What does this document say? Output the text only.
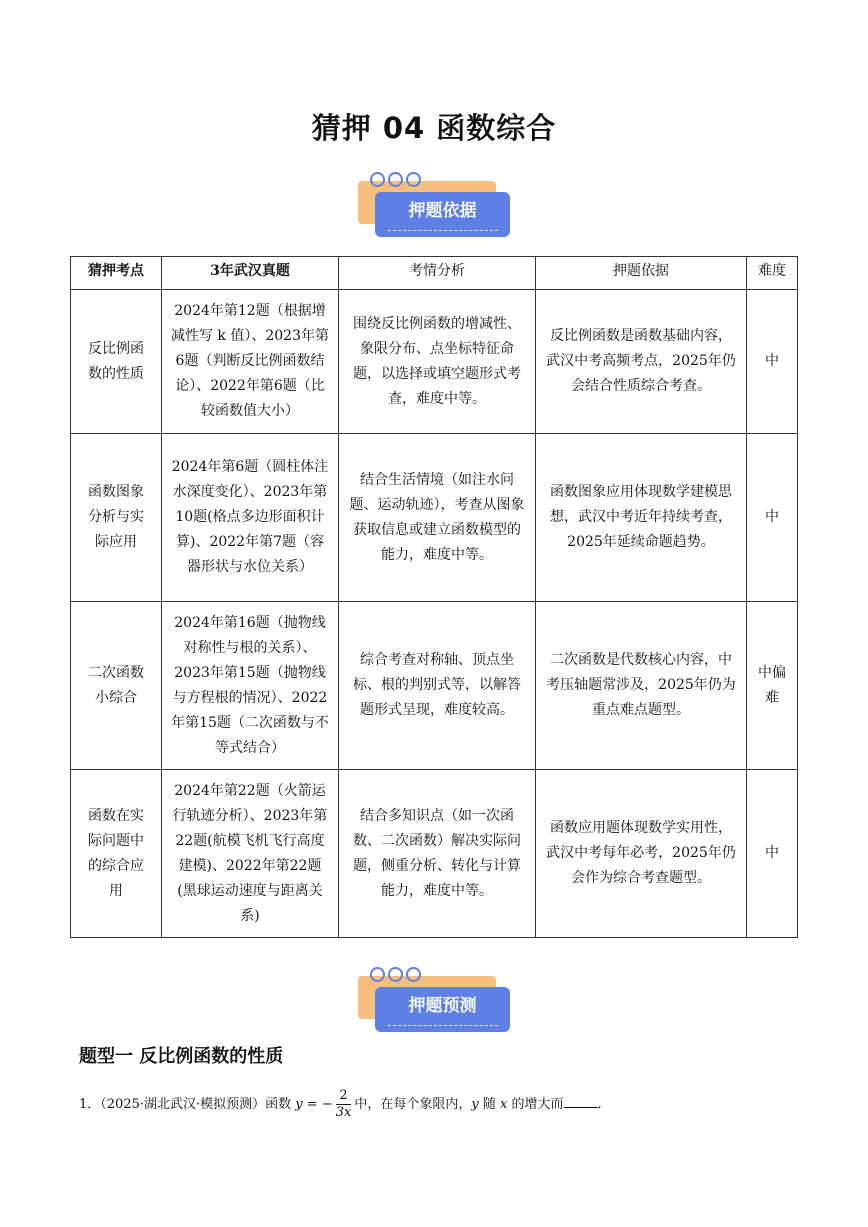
猜押 04 函数综合
押题依据
猜押考点	3年武汉真题	考情分析	押题依据	难度
反比例函数的性质	2024年第12题（根据增减性写 k 值）、2023年第6题（判断反比例函数结论）、2022年第6题（比较函数值大小）	围绕反比例函数的增减性、象限分布、点坐标特征命题，以选择或填空题形式考查，难度中等。	反比例函数是函数基础内容，武汉中考高频考点，2025年仍会结合性质综合考查。	中
函数图象分析与实际应用	2024年第6题（圆柱体注水深度变化）、2023年第10题(格点多边形面积计算)、2022年第7题（容器形状与水位关系）	结合生活情境（如注水问题、运动轨迹），考查从图象获取信息或建立函数模型的能力，难度中等。	函数图象应用体现数学建模思想，武汉中考近年持续考查，2025年延续命题趋势。	中
二次函数小综合	2024年第16题（抛物线对称性与根的关系）、2023年第15题（抛物线与方程根的情况）、2022年第15题（二次函数与不等式结合）	综合考查对称轴、顶点坐标、根的判别式等，以解答题形式呈现，难度较高。	二次函数是代数核心内容，中考压轴题常涉及，2025年仍为重点难点题型。	中偏难
函数在实际问题中的综合应用	2024年第22题（火箭运行轨迹分析）、2023年第22题(航模飞机飞行高度建模)、2022年第22题(黑球运动速度与距离关系)	结合多知识点（如一次函数、二次函数）解决实际问题，侧重分析、转化与计算能力，难度中等。	函数应用题体现数学实用性，武汉中考每年必考，2025年仍会作为综合考查题型。	中
押题预测
题型一 反比例函数的性质
1．（2025·湖北武汉·模拟预测）函数 y = − $\frac{2}{3x}$ 中，在每个象限内，y 随 x 的增大而	.
